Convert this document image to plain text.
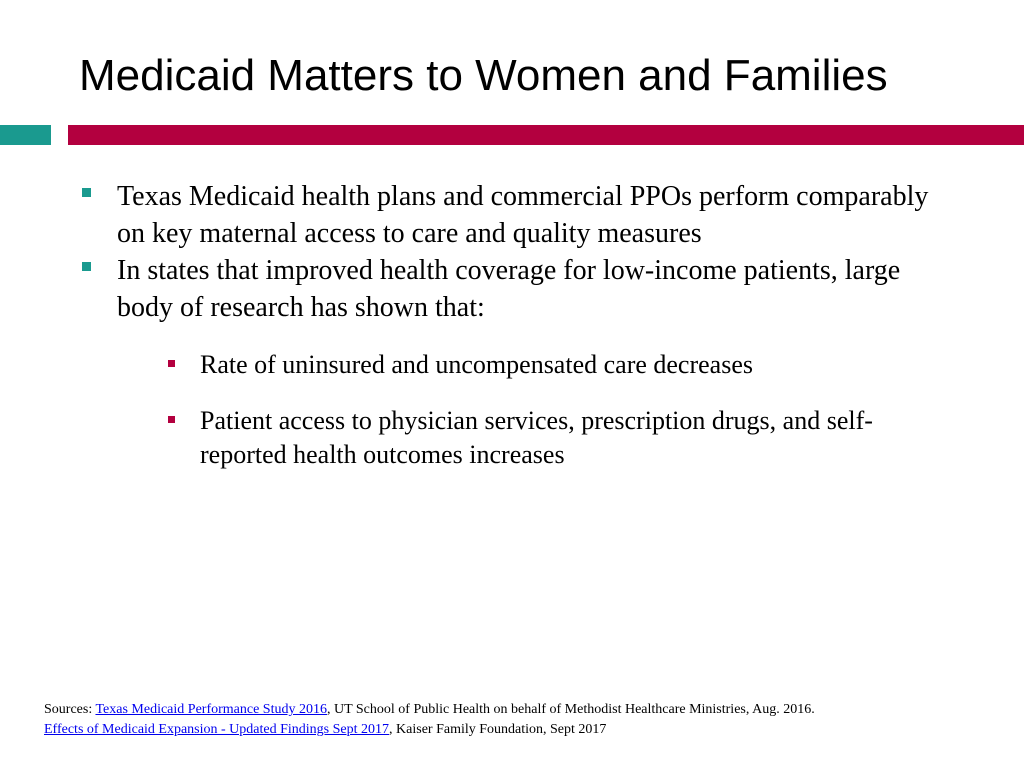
Medicaid Matters to Women and Families
Texas Medicaid health plans and commercial PPOs perform comparably on key maternal access to care and quality measures
In states that improved health coverage for low-income patients, large body of research has shown that:
Rate of uninsured and uncompensated care decreases
Patient access to physician services, prescription drugs, and self-reported health outcomes increases

Sources: Texas Medicaid Performance Study 2016, UT School of Public Health on behalf of Methodist Healthcare Ministries, Aug. 2016.
Effects of Medicaid Expansion - Updated Findings Sept 2017, Kaiser Family Foundation, Sept 2017
